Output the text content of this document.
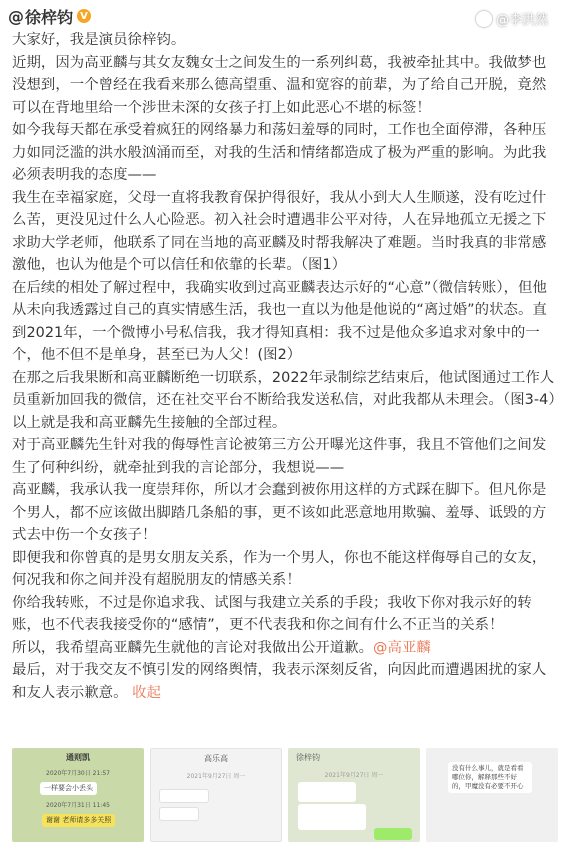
@ 徐梓钧 V

大家好，我是演员徐梓钧。

近期，因为高亚麟与其女友魏女士之间发生的一系列纠葛，我被牵扯其中。我做梦也没想到，一个曾经在我看来那么德高望重、温和宽容的前辈，为了给自己开脱，竟然可以在背地里给一个涉世未深的女孩子打上如此恶心不堪的标签！

如今我每天都在承受着疯狂的网络暴力和荡妇羞辱的同时，工作也全面停滞，各种压力如同泛滥的洪水般汹涌而至，对我的生活和情绪都造成了极为严重的影响。为此我必须表明我的态度——

我生在幸福家庭，父母一直将我教育保护得很好，我从小到大人生顺遂，没有吃过什么苦，更没见过什么人心险恶。初入社会时遭遇非公平对待，人在异地孤立无援之下求助大学老师，他联系了同在当地的高亚麟及时帮我解决了难题。当时我真的非常感激他，也认为他是个可以信任和依靠的长辈。（图1）

在后续的相处了解过程中，我确实收到过高亚麟表达示好的“心意”（微信转账），但他从未向我透露过自己的真实情感生活，我也一直以为他是他说的“离过婚”的状态。直到2021年，一个微博小号私信我，我才得知真相：我不过是他众多追求对象中的一个，他不但不是单身，甚至已为人父！(图2）

在那之后我果断和高亚麟断绝一切联系，2022年录制综艺结束后，他试图通过工作人员重新加回我的微信，还在社交平台不断给我发送私信，对此我都从未理会。（图3-4）以上就是我和高亚麟先生接触的全部过程。

对于高亚麟先生针对我的侮辱性言论被第三方公开曝光这件事，我且不管他们之间发生了何种纠纷，就牵扯到我的言论部分，我想说——

高亚麟，我承认我一度崇拜你，所以才会蠢到被你用这样的方式踩在脚下。但凡你是个男人，都不应该做出脚踏几条船的事，更不该如此恶意地用欺骗、羞辱、诋毁的方式去中伤一个女孩子！

即便我和你曾真的是男女朋友关系，作为一个男人，你也不能这样侮辱自己的女友，何况我和你之间并没有超脱朋友的情感关系！

你给我转账，不过是你追求我、试图与我建立关系的手段；我收下你对我示好的转账，也不代表我接受你的“感情”，更不代表我和你之间有什么不正当的关系！

所以，我希望高亚麟先生就他的言论对我做出公开道歉。@高亚麟

最后，对于我交友不慎引发的网络舆情，我表示深刻反省，向因此而遭遇困扰的家人和友人表示歉意。 收起

通则凯
2020年7月30日 21:57
一样要会小丢头
2020年7月31日 11:45
谢谢 老师请多多关照
高乐高
2021年9月27日 周一
徐梓钧
2021年9月27日 周一
没有什么事儿，就是看看哪位你，解释那些不好的，甲魔没有必要不开心
@李洪然
